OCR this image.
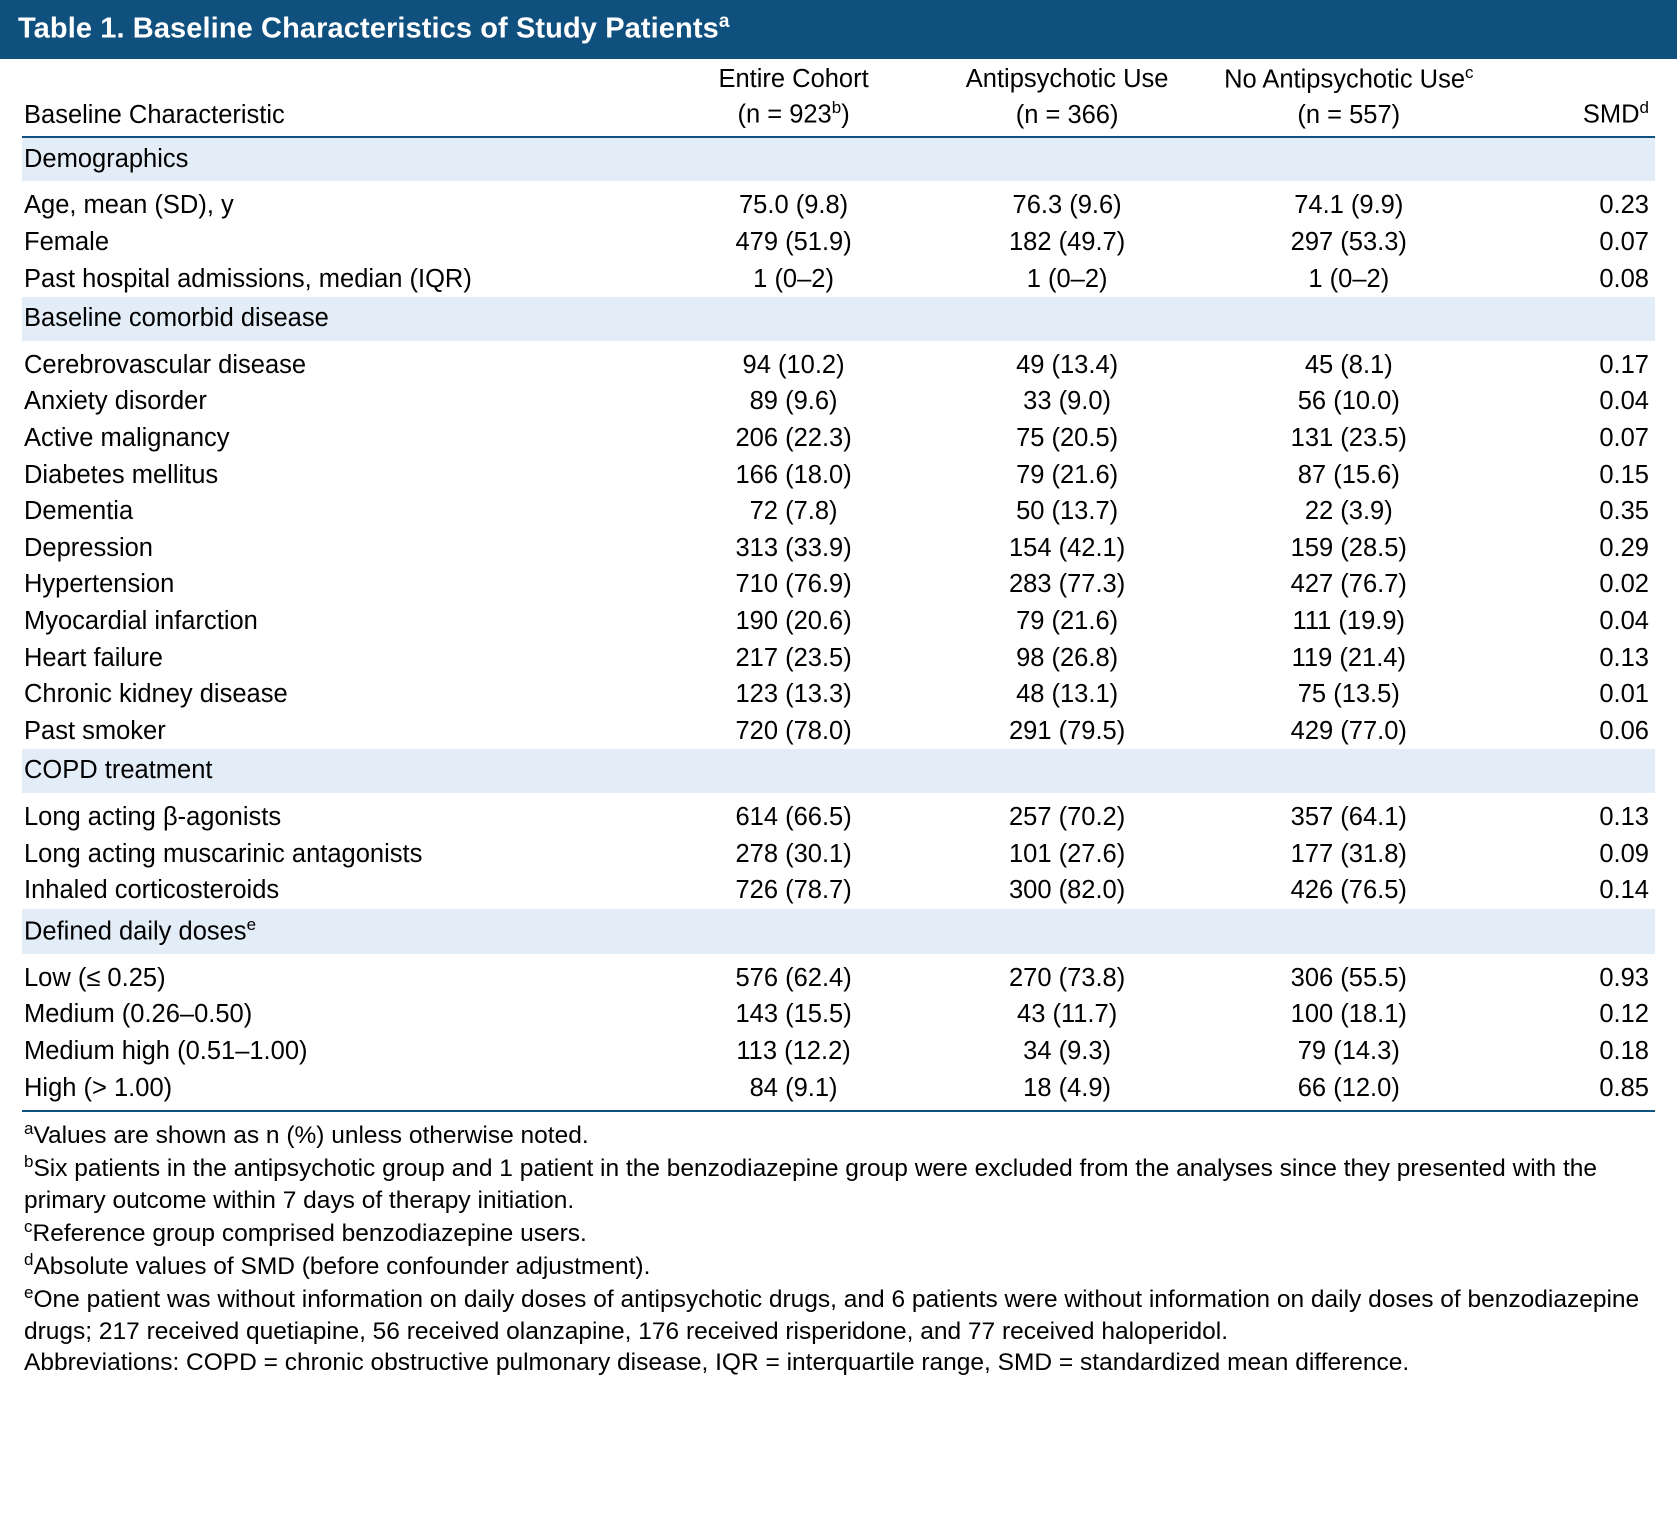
Table 1. Baseline Characteristics of Study Patients$^a$
	Entire Cohort	Antipsychotic Use	No Antipsychotic Use$^c$	
Baseline Characteristic	$(n = 923^b)$	(n = 366)	(n = 557)	SMD$^d$

Demographics				
Age, mean (SD), y	75.0 (9.8)	76.3 (9.6)	74.1 (9.9)	0.23
Female	479 (51.9)	182 (49.7)	297 (53.3)	0.07
Past hospital admissions, median (IQR)	1 (0–2)	1 (0–2)	1 (0–2)	0.08
Baseline comorbid disease				
Cerebrovascular disease	94 (10.2)	49 (13.4)	45 (8.1)	0.17
Anxiety disorder	89 (9.6)	33 (9.0)	56 (10.0)	0.04
Active malignancy	206 (22.3)	75 (20.5)	131 (23.5)	0.07
Diabetes mellitus	166 (18.0)	79 (21.6)	87 (15.6)	0.15
Dementia	72 (7.8)	50 (13.7)	22 (3.9)	0.35
Depression	313 (33.9)	154 (42.1)	159 (28.5)	0.29
Hypertension	710 (76.9)	283 (77.3)	427 (76.7)	0.02
Myocardial infarction	190 (20.6)	79 (21.6)	111 (19.9)	0.04
Heart failure	217 (23.5)	98 (26.8)	119 (21.4)	0.13
Chronic kidney disease	123 (13.3)	48 (13.1)	75 (13.5)	0.01
Past smoker	720 (78.0)	291 (79.5)	429 (77.0)	0.06
COPD treatment				
Long acting β-agonists	614 (66.5)	257 (70.2)	357 (64.1)	0.13
Long acting muscarinic antagonists	278 (30.1)	101 (27.6)	177 (31.8)	0.09
Inhaled corticosteroids	726 (78.7)	300 (82.0)	426 (76.5)	0.14
Defined daily doses$^e$
Low (≤ 0.25)	576 (62.4)	270 (73.8)	306 (55.5)	0.93
Medium (0.26–0.50)	143 (15.5)	43 (11.7)	100 (18.1)	0.12
Medium high (0.51–1.00)	113 (12.2)	34 (9.3)	79 (14.3)	0.18
High (> 1.00)	84 (9.1)	18 (4.9)	66 (12.0)	0.85

$^a$Values are shown as n (%) unless otherwise noted.

$^b$Six patients in the antipsychotic group and 1 patient in the benzodiazepine group were excluded from the analyses since they presented with the primary outcome within 7 days of therapy initiation.

$^c$Reference group comprised benzodiazepine users.

$^d$Absolute values of SMD (before confounder adjustment).

$^e$One patient was without information on daily doses of antipsychotic drugs, and 6 patients were without information on daily doses of benzodiazepine drugs; 217 received quetiapine, 56 received olanzapine, 176 received risperidone, and 77 received haloperidol.

Abbreviations: COPD = chronic obstructive pulmonary disease, IQR = interquartile range, SMD = standardized mean difference.
